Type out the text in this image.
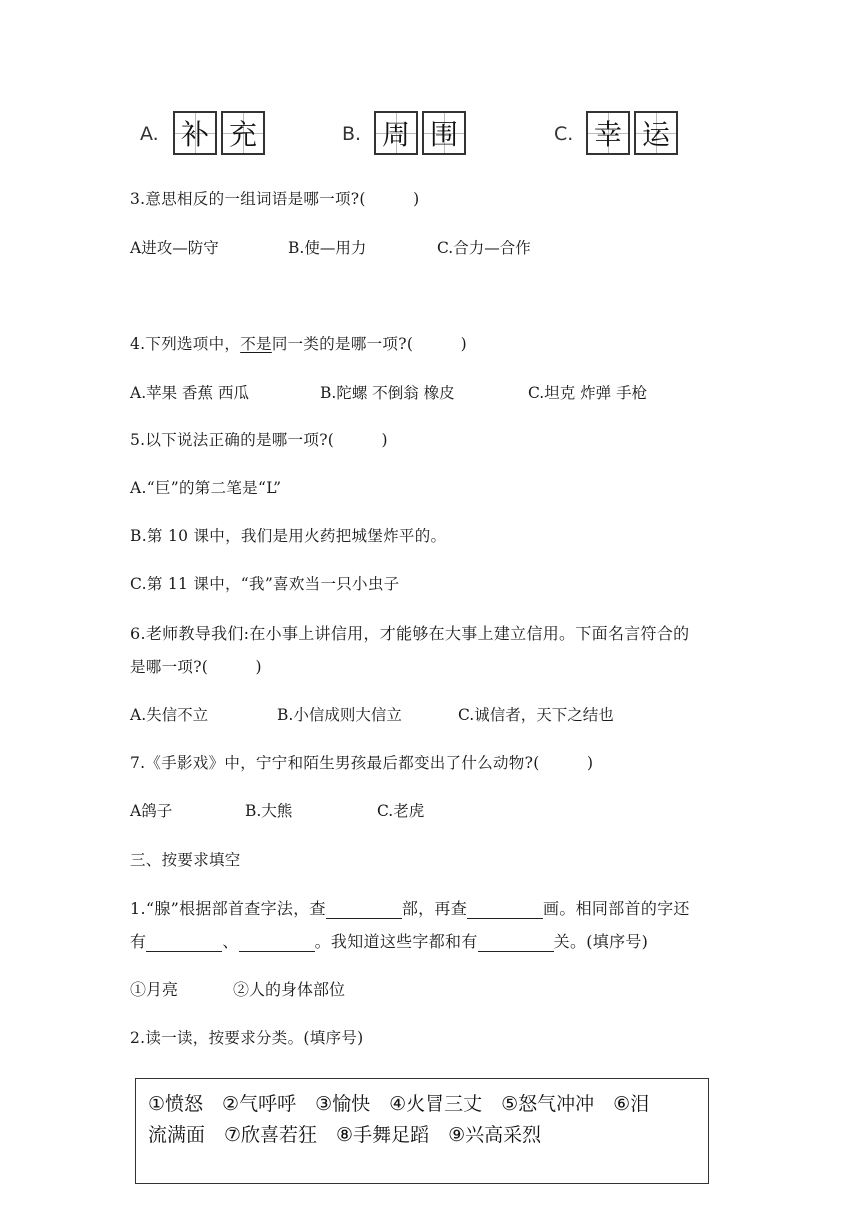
A. 补 充	B. 周 围	C. 幸 运
3.意思相反的一组词语是哪一项?(　　　)
A进攻—防守	B.使—用力	C.合力—合作
4.下列选项中，不是同一类的是哪一项?(　　　)
A.苹果 香蕉 西瓜	B.陀螺 不倒翁 橡皮	C.坦克 炸弹 手枪
5.以下说法正确的是哪一项?(　　　)
A.“巨”的第二笔是“L”
B.第 10 课中，我们是用火药把城堡炸平的。
C.第 11 课中，“我”喜欢当一只小虫子
6.老师教导我们:在小事上讲信用，才能够在大事上建立信用。下面名言符合的
是哪一项?(　　　)
A.失信不立	B.小信成则大信立	C.诚信者，天下之结也
7.《手影戏》中，宁宁和陌生男孩最后都变出了什么动物?(　　　)
A鸽子	B.大熊	C.老虎
三、按要求填空
1.“腺”根据部首查字法，查	部，再查	画。相同部首的字还
有	、	。我知道这些字都和有	关。(填序号)
①月亮	②人的身体部位
2.读一读，按要求分类。(填序号)
①愤怒　②气呼呼　③愉快　④火冒三丈　⑤怒气冲冲　⑥泪
流满面　⑦欣喜若狂　⑧手舞足蹈　⑨兴高采烈
